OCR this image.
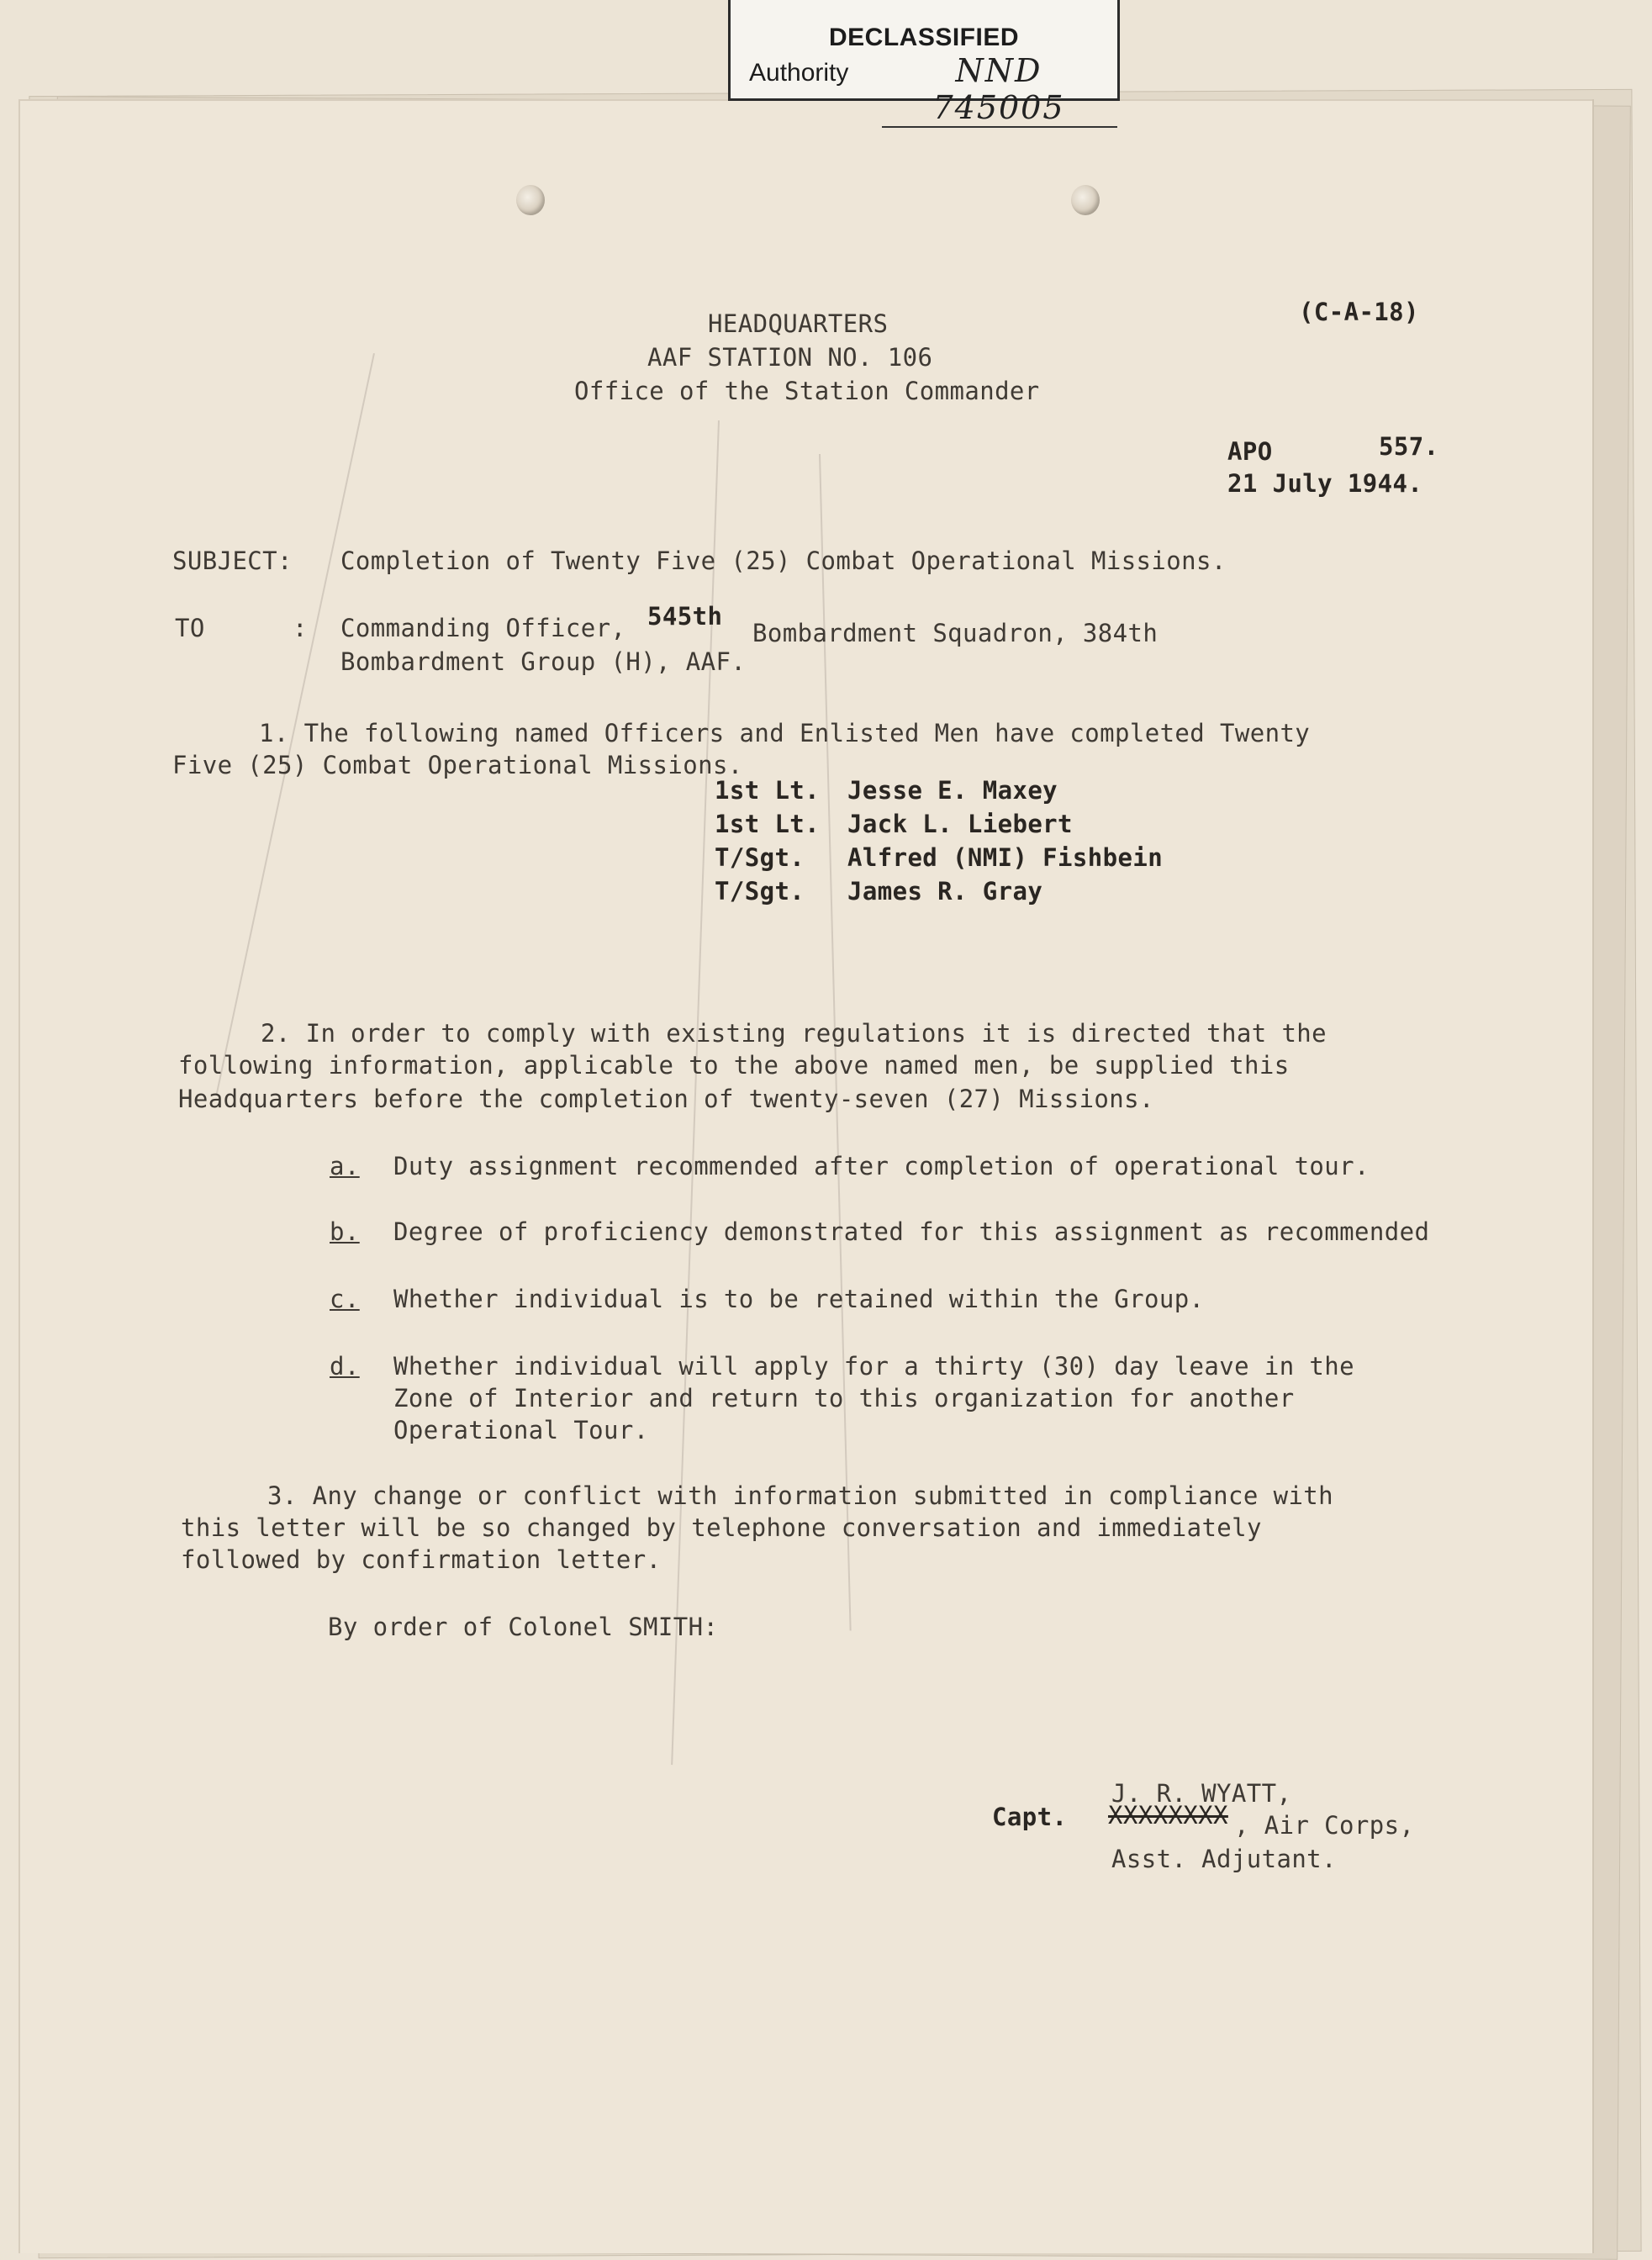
DECLASSIFIED
Authority	NND 745005
HEADQUARTERS
AAF STATION NO. 106
Office of the Station Commander
(C-A-18)
APO	557.
21 July 1944.
SUBJECT: Completion of Twenty Five (25) Combat Operational Missions.
TO	: Commanding Officer, 545th
Bombardment Squadron, 384th
Bombardment Group (H), AAF.
1. The following named Officers and Enlisted Men have completed Twenty
Five (25) Combat Operational Missions.
1st Lt. Jesse E. Maxey
1st Lt. Jack L. Liebert
T/Sgt. Alfred (NMI) Fishbein
T/Sgt. James R. Gray
2. In order to comply with existing regulations it is directed that the
following information, applicable to the above named men, be supplied this
Headquarters before the completion of twenty-seven (27) Missions.
a. Duty assignment recommended after completion of operational tour.
b. Degree of proficiency demonstrated for this assignment as recommended
c. Whether individual is to be retained within the Group.
d. Whether individual will apply for a thirty (30) day leave in the
Zone of Interior and return to this organization for another
Operational Tour.
3. Any change or conflict with information submitted in compliance with
this letter will be so changed by telephone conversation and immediately
followed by confirmation letter.
By order of Colonel SMITH:
J. R. WYATT,
Capt. XXXXXXXX , Air Corps,
Asst. Adjutant.
